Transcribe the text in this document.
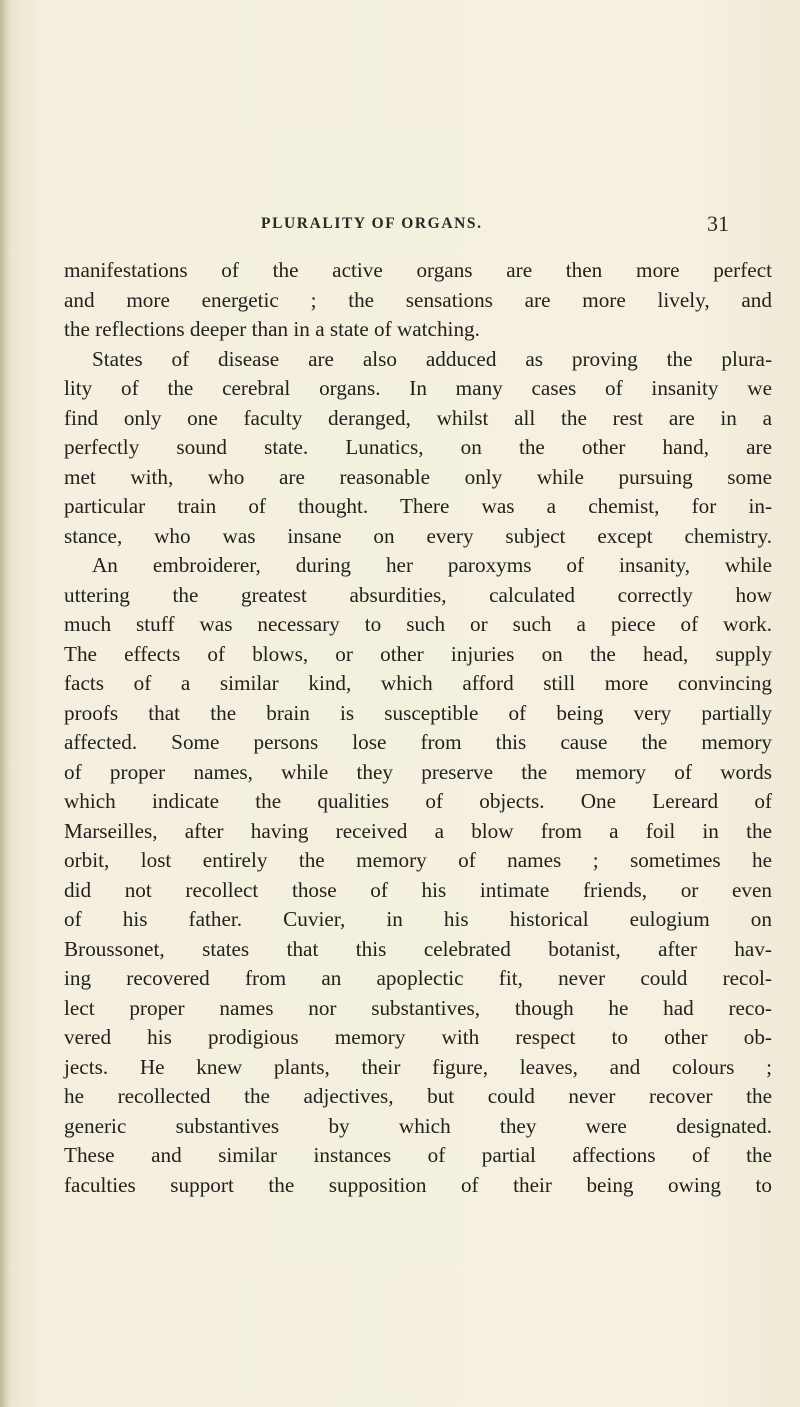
PLURALITY OF ORGANS.	31
manifestations of the active organs are then more perfect
and more energetic ; the sensations are more lively, and
the reflections deeper than in a state of watching.
States of disease are also adduced as proving the plura-
lity of the cerebral organs. In many cases of insanity we
find only one faculty deranged, whilst all the rest are in a
perfectly sound state. Lunatics, on the other hand, are
met with, who are reasonable only while pursuing some
particular train of thought. There was a chemist, for in-
stance, who was insane on every subject except chemistry.
An embroiderer, during her paroxyms of insanity, while
uttering the greatest absurdities, calculated correctly how
much stuff was necessary to such or such a piece of work.
The effects of blows, or other injuries on the head, supply
facts of a similar kind, which afford still more convincing
proofs that the brain is susceptible of being very partially
affected. Some persons lose from this cause the memory
of proper names, while they preserve the memory of words
which indicate the qualities of objects. One Lereard of
Marseilles, after having received a blow from a foil in the
orbit, lost entirely the memory of names ; sometimes he
did not recollect those of his intimate friends, or even
of his father. Cuvier, in his historical eulogium on
Broussonet, states that this celebrated botanist, after hav-
ing recovered from an apoplectic fit, never could recol-
lect proper names nor substantives, though he had reco-
vered his prodigious memory with respect to other ob-
jects. He knew plants, their figure, leaves, and colours ;
he recollected the adjectives, but could never recover the
generic substantives by which they were designated.
These and similar instances of partial affections of the
faculties support the supposition of their being owing to
